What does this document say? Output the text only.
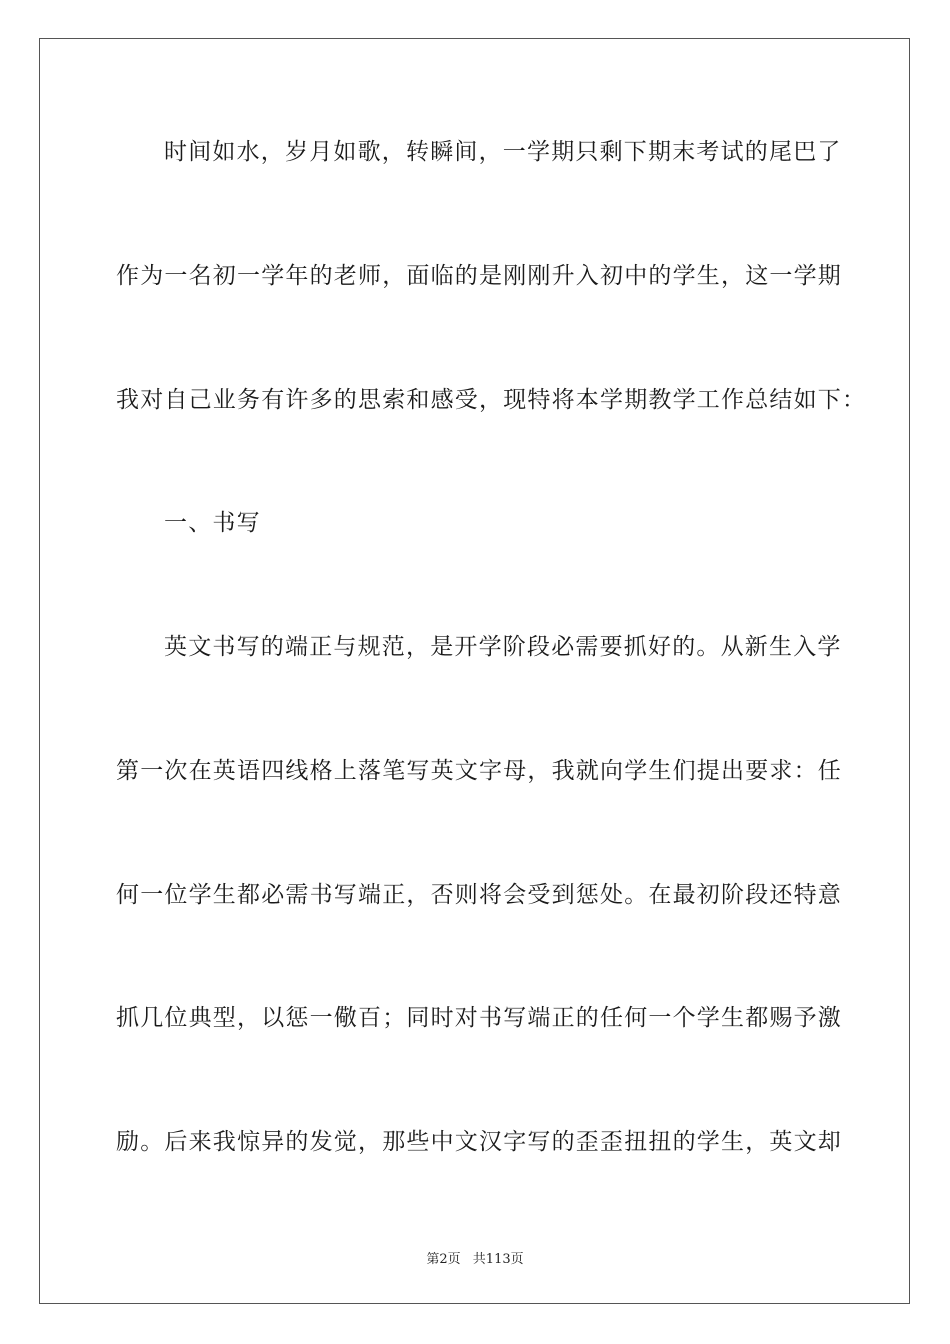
时间如水，岁月如歌，转瞬间，一学期只剩下期末考试的尾巴了
作为一名初一学年的老师，面临的是刚刚升入初中的学生，这一学期
我对自己业务有许多的思索和感受，现特将本学期教学工作总结如下：
一、书写
英文书写的端正与规范，是开学阶段必需要抓好的。从新生入学
第一次在英语四线格上落笔写英文字母，我就向学生们提出要求：任
何一位学生都必需书写端正，否则将会受到惩处。在最初阶段还特意
抓几位典型，以惩一儆百；同时对书写端正的任何一个学生都赐予激
励。后来我惊异的发觉，那些中文汉字写的歪歪扭扭的学生，英文却
第2页 共113页
